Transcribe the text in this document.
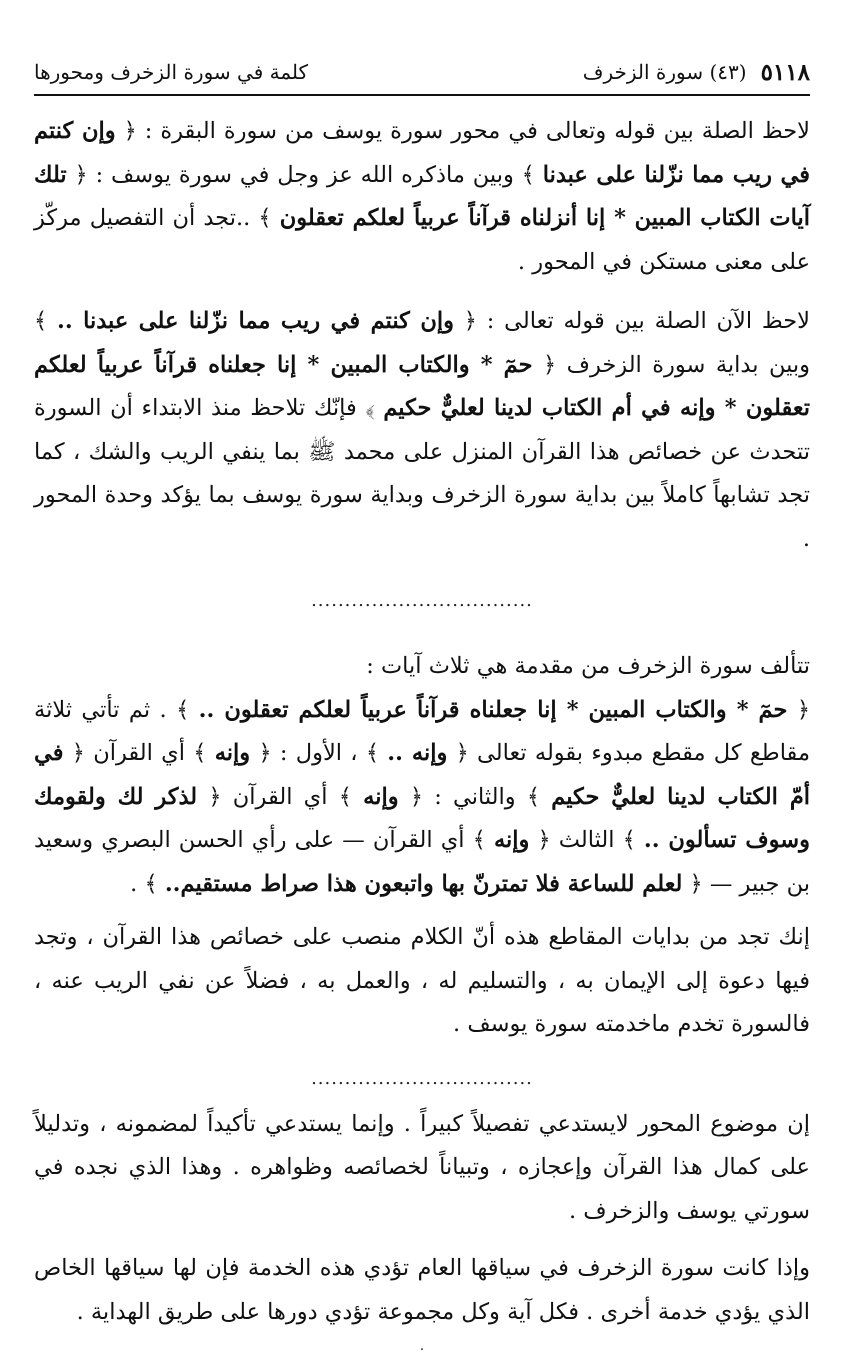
٥١١٨
(٤٣) سورة الزخرف
كلمة في سورة الزخرف ومحورها

لاحظ الصلة بين قوله وتعالى في محور سورة يوسف من سورة البقرة : ﴿ وإن كنتم في ريب مما نزّلنا على عبدنا ﴾ وبين ماذكره الله عز وجل في سورة يوسف : ﴿ تلك آيات الكتاب المبين * إنا أنزلناه قرآناً عربياً لعلكم تعقلون ﴾ ..تجد أن التفصيل مركّز على معنى مستكن في المحور .

لاحظ الآن الصلة بين قوله تعالى : ﴿ وإن كنتم في ريب مما نزّلنا على عبدنا .. ﴾ وبين بداية سورة الزخرف ﴿ حمٓ * والكتاب المبين * إنا جعلناه قرآناً عربياً لعلكم تعقلون * وإنه في أم الكتاب لدينا لعليٌّ حكيم ﴾ فإنّك تلاحظ منذ الابتداء أن السورة تتحدث عن خصائص هذا القرآن المنزل على محمد ﷺ بما ينفي الريب والشك ، كما تجد تشابهاً كاملاً بين بداية سورة الزخرف وبداية سورة يوسف بما يؤكد وحدة المحور .

.................................

تتألف سورة الزخرف من مقدمة هي ثلاث آيات :

﴿ حمٓ * والكتاب المبين * إنا جعلناه قرآناً عربياً لعلكم تعقلون .. ﴾ . ثم تأتي ثلاثة مقاطع كل مقطع مبدوء بقوله تعالى ﴿ وإنه .. ﴾ ، الأول : ﴿ وإنه ﴾ أي القرآن ﴿ في أمّ الكتاب لدينا لعليٌّ حكيم ﴾ والثاني : ﴿ وإنه ﴾ أي القرآن ﴿ لذكر لك ولقومك وسوف تسألون .. ﴾ الثالث ﴿ وإنه ﴾ أي القرآن — على رأي الحسن البصري وسعيد بن جبير — ﴿ لعلم للساعة فلا تمترنّ بها واتبعون هذا صراط مستقيم.. ﴾ .

إنك تجد من بدايات المقاطع هذه أنّ الكلام منصب على خصائص هذا القرآن ، وتجد فيها دعوة إلى الإيمان به ، والتسليم له ، والعمل به ، فضلاً عن نفي الريب عنه ، فالسورة تخدم ماخدمته سورة يوسف .

.................................

إن موضوع المحور لايستدعي تفصيلاً كبيراً . وإنما يستدعي تأكيداً لمضمونه ، وتدليلاً على كمال هذا القرآن وإعجازه ، وتبياناً لخصائصه وظواهره . وهذا الذي نجده في سورتي يوسف والزخرف .

وإذا كانت سورة الزخرف في سياقها العام تؤدي هذه الخدمة فإن لها سياقها الخاص الذي يؤدي خدمة أخرى . فكل آية وكل مجموعة تؤدي دورها على طريق الهداية .

·
